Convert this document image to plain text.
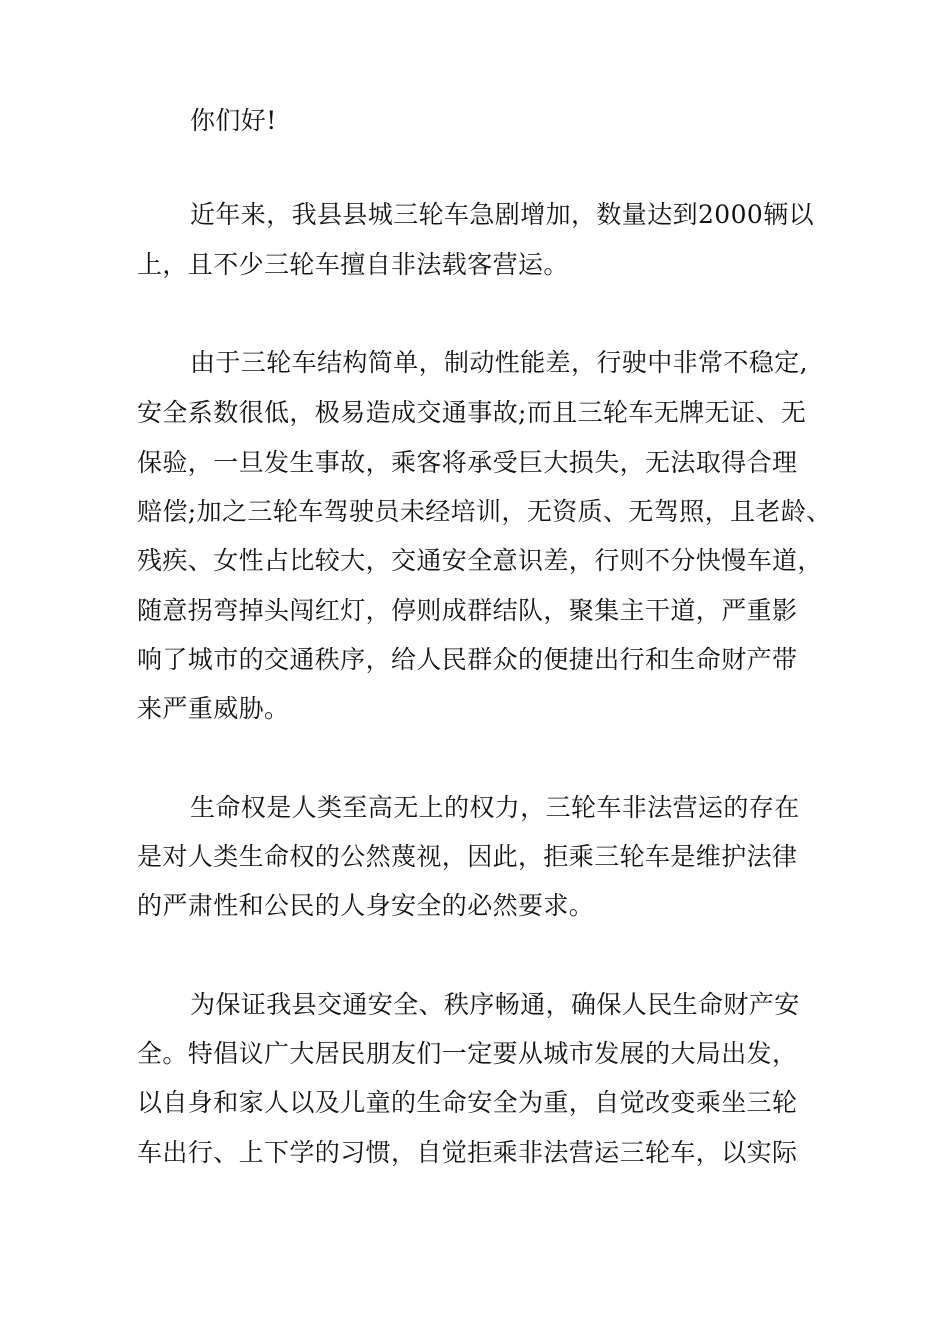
你们好!
近年来，我县县城三轮车急剧增加，数量达到2000辆以
上，且不少三轮车擅自非法载客营运。
由于三轮车结构简单，制动性能差，行驶中非常不稳定,
安全系数很低，极易造成交通事故;而且三轮车无牌无证、无
保验，一旦发生事故，乘客将承受巨大损失，无法取得合理
赔偿;加之三轮车驾驶员未经培训，无资质、无驾照，且老龄、
残疾、女性占比较大，交通安全意识差，行则不分快慢车道，
随意拐弯掉头闯红灯，停则成群结队，聚集主干道，严重影
响了城市的交通秩序，给人民群众的便捷出行和生命财产带
来严重威胁。
生命权是人类至高无上的权力，三轮车非法营运的存在
是对人类生命权的公然蔑视，因此，拒乘三轮车是维护法律
的严肃性和公民的人身安全的必然要求。
为保证我县交通安全、秩序畅通，确保人民生命财产安
全。特倡议广大居民朋友们一定要从城市发展的大局出发，
以自身和家人以及儿童的生命安全为重，自觉改变乘坐三轮
车出行、上下学的习惯，自觉拒乘非法营运三轮车，以实际
